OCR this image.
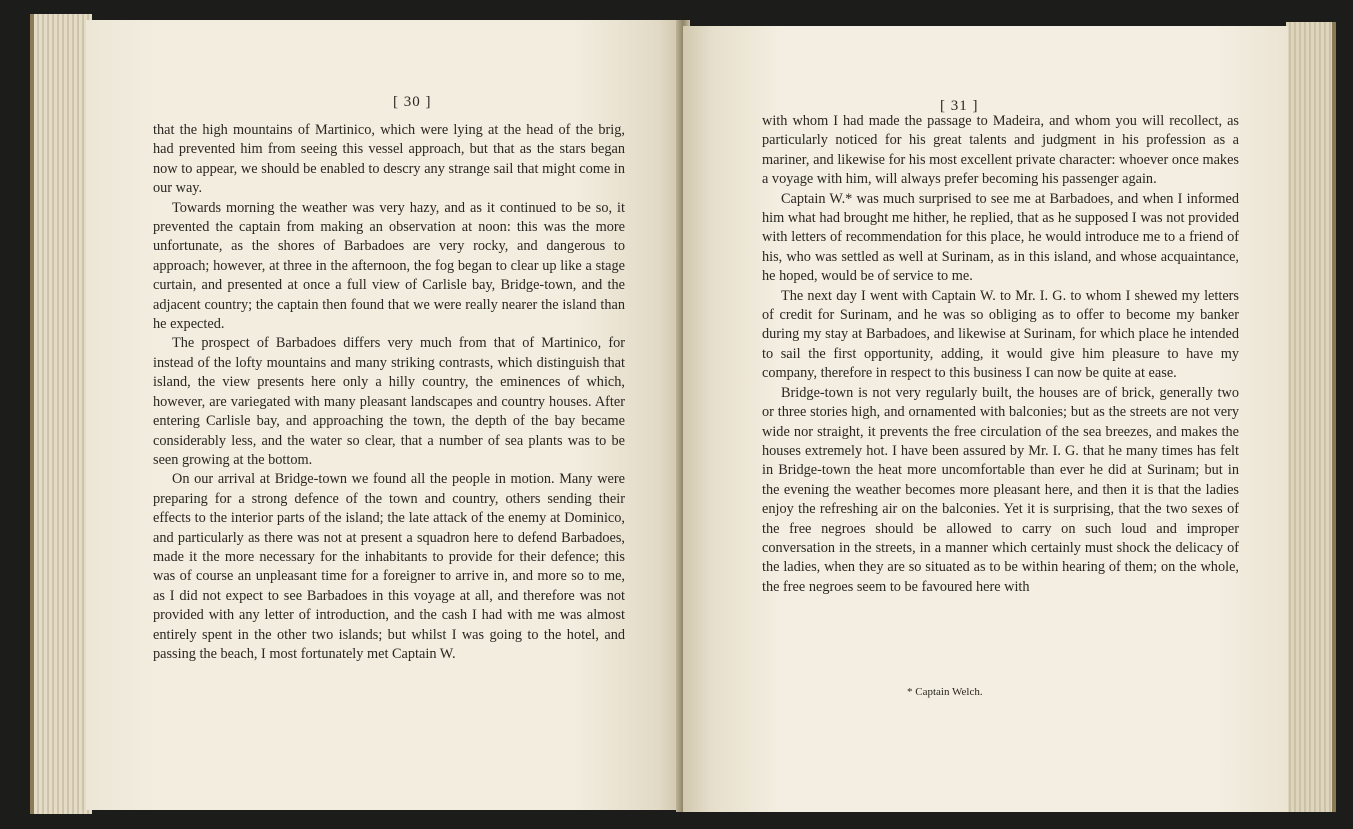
[ 30 ]

that the high mountains of Martinico, which were lying at the head of the brig, had prevented him from seeing this vessel approach, but that as the stars began now to appear, we should be enabled to descry any strange sail that might come in our way.

Towards morning the weather was very hazy, and as it continued to be so, it prevented the captain from making an observation at noon: this was the more unfortunate, as the shores of Barbadoes are very rocky, and dangerous to approach; however, at three in the afternoon, the fog began to clear up like a stage curtain, and presented at once a full view of Carlisle bay, Bridge-town, and the adjacent country; the captain then found that we were really nearer the island than he expected.

The prospect of Barbadoes differs very much from that of Martinico, for instead of the lofty mountains and many striking contrasts, which distinguish that island, the view presents here only a hilly country, the eminences of which, however, are variegated with many pleasant landscapes and country houses. After entering Carlisle bay, and approaching the town, the depth of the bay became considerably less, and the water so clear, that a number of sea plants was to be seen growing at the bottom.

On our arrival at Bridge-town we found all the people in motion. Many were preparing for a strong defence of the town and country, others sending their effects to the interior parts of the island; the late attack of the enemy at Dominico, and particularly as there was not at present a squadron here to defend Barbadoes, made it the more necessary for the inhabitants to provide for their defence; this was of course an unpleasant time for a foreigner to arrive in, and more so to me, as I did not expect to see Barbadoes in this voyage at all, and therefore was not provided with any letter of introduction, and the cash I had with me was almost entirely spent in the other two islands; but whilst I was going to the hotel, and passing the beach, I most fortunately met Captain W.

[ 31 ]

with whom I had made the passage to Madeira, and whom you will recollect, as particularly noticed for his great talents and judgment in his profession as a mariner, and likewise for his most excellent private character: whoever once makes a voyage with him, will always prefer becoming his passenger again.

Captain W.* was much surprised to see me at Barbadoes, and when I informed him what had brought me hither, he replied, that as he supposed I was not provided with letters of recommendation for this place, he would introduce me to a friend of his, who was settled as well at Surinam, as in this island, and whose acquaintance, he hoped, would be of service to me.

The next day I went with Captain W. to Mr. I. G. to whom I shewed my letters of credit for Surinam, and he was so obliging as to offer to become my banker during my stay at Barbadoes, and likewise at Surinam, for which place he intended to sail the first opportunity, adding, it would give him pleasure to have my company, therefore in respect to this business I can now be quite at ease.

Bridge-town is not very regularly built, the houses are of brick, generally two or three stories high, and ornamented with balconies; but as the streets are not very wide nor straight, it prevents the free circulation of the sea breezes, and makes the houses extremely hot. I have been assured by Mr. I. G. that he many times has felt in Bridge-town the heat more uncomfortable than ever he did at Surinam; but in the evening the weather becomes more pleasant here, and then it is that the ladies enjoy the refreshing air on the balconies. Yet it is surprising, that the two sexes of the free negroes should be allowed to carry on such loud and improper conversation in the streets, in a manner which certainly must shock the delicacy of the ladies, when they are so situated as to be within hearing of them; on the whole, the free negroes seem to be favoured here with

* Captain Welch.
